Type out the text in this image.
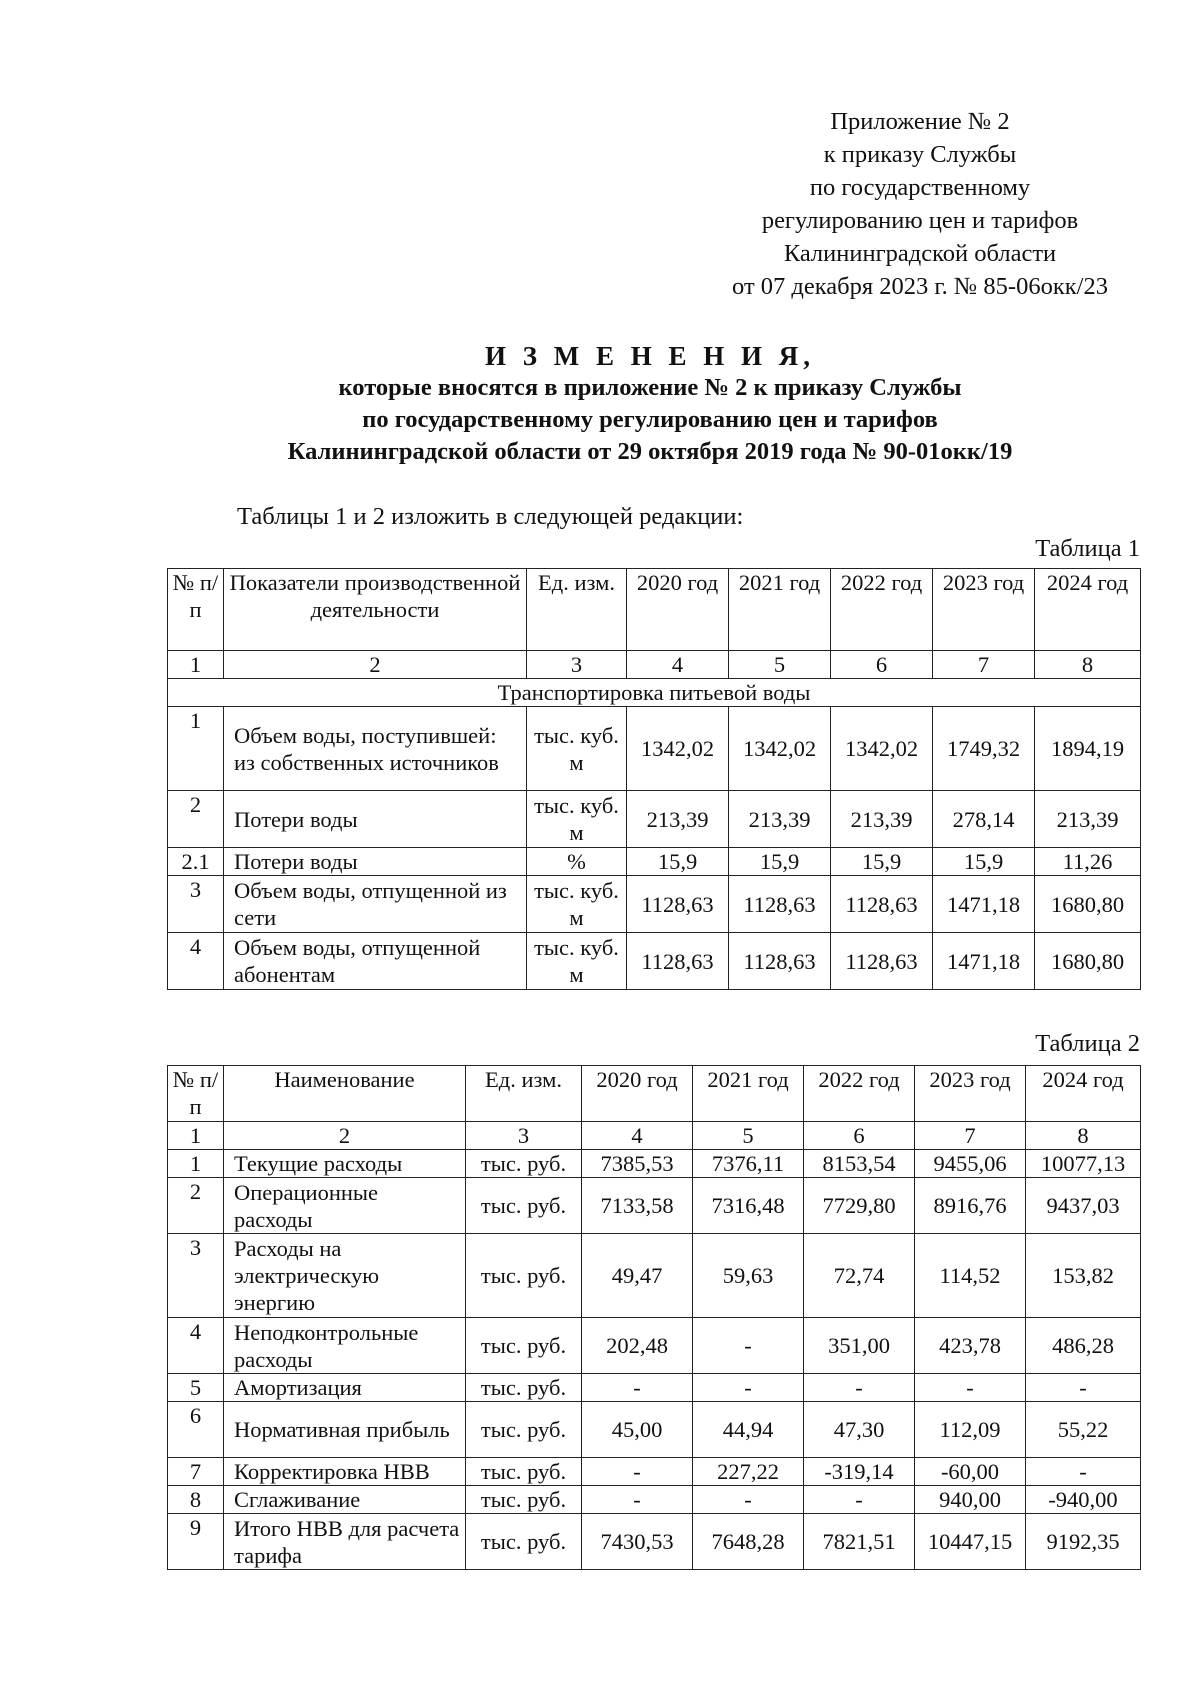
Приложение № 2
к приказу Службы
по государственному
регулированию цен и тарифов
Калининградской области
от 07 декабря 2023 г. № 85-06окк/23
И З М Е Н Е Н И Я,
которые вносятся в приложение № 2 к приказу Службы
по государственному регулированию цен и тарифов
Калининградской области от 29 октября 2019 года № 90-01окк/19
Таблицы 1 и 2 изложить в следующей редакции:
Таблица 1
№ п/п	Показатели производственной деятельности	Ед. изм.	2020 год	2021 год	2022 год	2023 год	2024 год
1	2	3	4	5	6	7	8
Транспортировка питьевой воды							
1	Объем воды, поступившей: из собственных источников	тыс. куб. м	1342,02	1342,02	1342,02	1749,32	1894,19
2	Потери воды	тыс. куб. м	213,39	213,39	213,39	278,14	213,39
2.1	Потери воды	%	15,9	15,9	15,9	15,9	11,26
3	Объем воды, отпущенной из сети	тыс. куб. м	1128,63	1128,63	1128,63	1471,18	1680,80
4	Объем воды, отпущенной абонентам	тыс. куб. м	1128,63	1128,63	1128,63	1471,18	1680,80
Таблица 2
№ п/п	Наименование	Ед. изм.	2020 год	2021 год	2022 год	2023 год	2024 год
1	2	3	4	5	6	7	8
1	Текущие расходы	тыс. руб.	7385,53	7376,11	8153,54	9455,06	10077,13
2	Операционные расходы	тыс. руб.	7133,58	7316,48	7729,80	8916,76	9437,03
3	Расходы на электрическую энергию	тыс. руб.	49,47	59,63	72,74	114,52	153,82
4	Неподконтрольные расходы	тыс. руб.	202,48	-	351,00	423,78	486,28
5	Амортизация	тыс. руб.	-	-	-	-	-
6	Нормативная прибыль	тыс. руб.	45,00	44,94	47,30	112,09	55,22
7	Корректировка НВВ	тыс. руб.	-	227,22	-319,14	-60,00	-
8	Сглаживание	тыс. руб.	-	-	-	940,00	-940,00
9	Итого НВВ для расчета тарифа	тыс. руб.	7430,53	7648,28	7821,51	10447,15	9192,35
